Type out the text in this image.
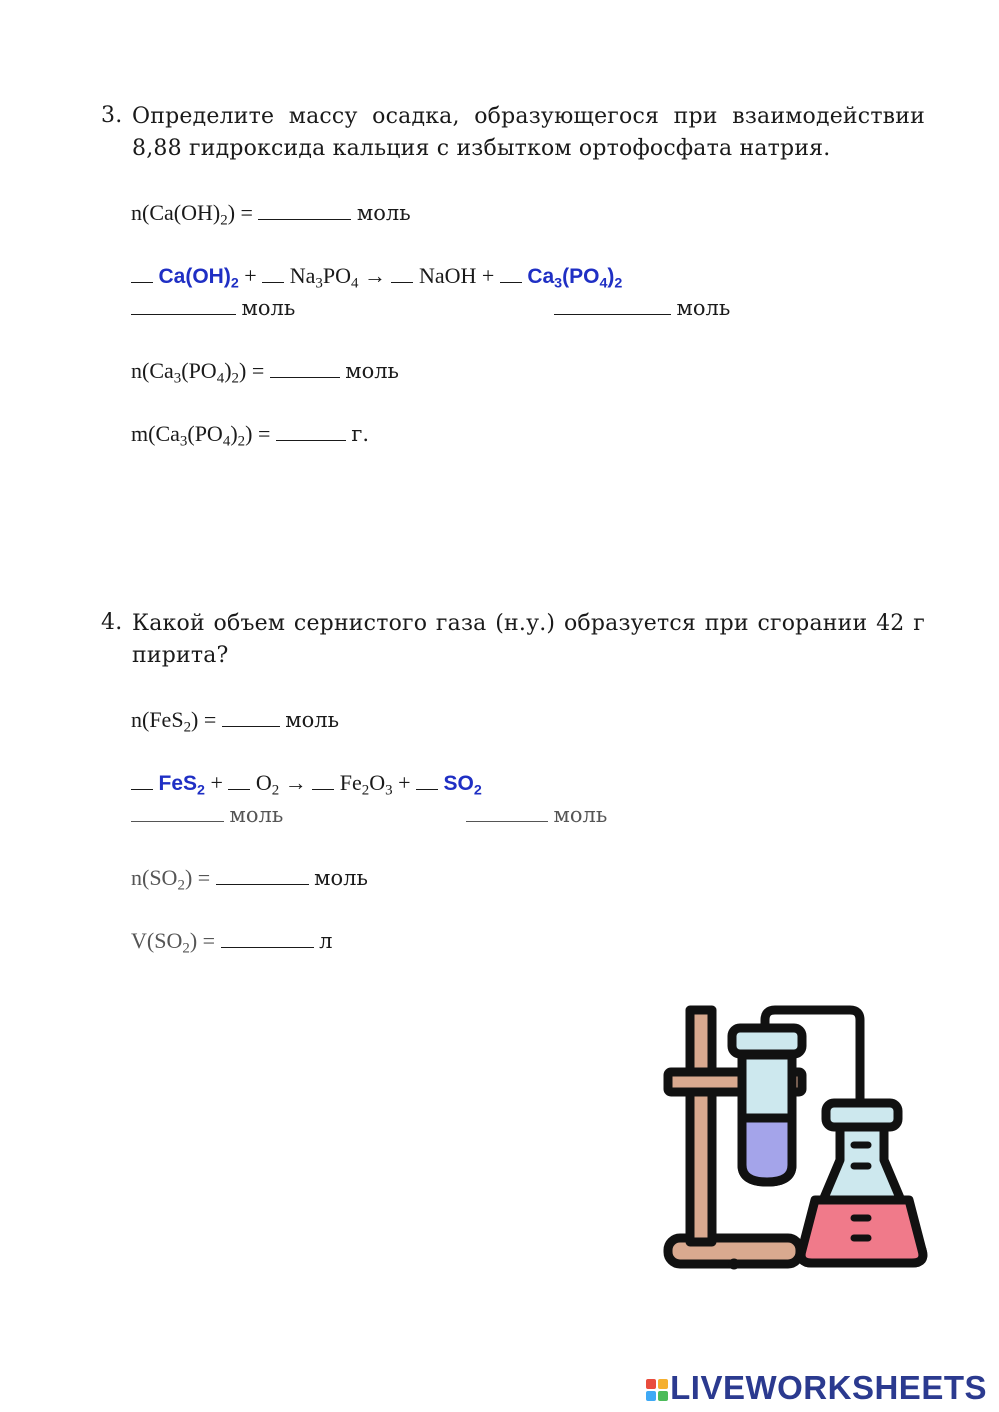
3. Определите массу осадка, образующегося при взаимодействии 8,88 гидроксида кальция с избытком ортофосфата натрия.
$n(Ca(OH)_2)$ =	моль
$Ca(OH)_2 + Na_3PO_4$ → NaOH + $Ca_3(PO_4)_2$
моль	моль
$n(Ca_3(PO_4)_2)$ =	моль
$m(Ca_3(PO_4)_2)$ =	г.
4. Какой объем сернистого газа (н.у.) образуется при сгорании 42 г пирита?
n(FeS$_2$) =	моль
$FeS_2 + O_2 \to Fe_2O_3 + SO_2$
моль	моль
$n(SO_2)$ =	моль
$V(SO_2)$ =	л
LIVEWORKSHEETS
